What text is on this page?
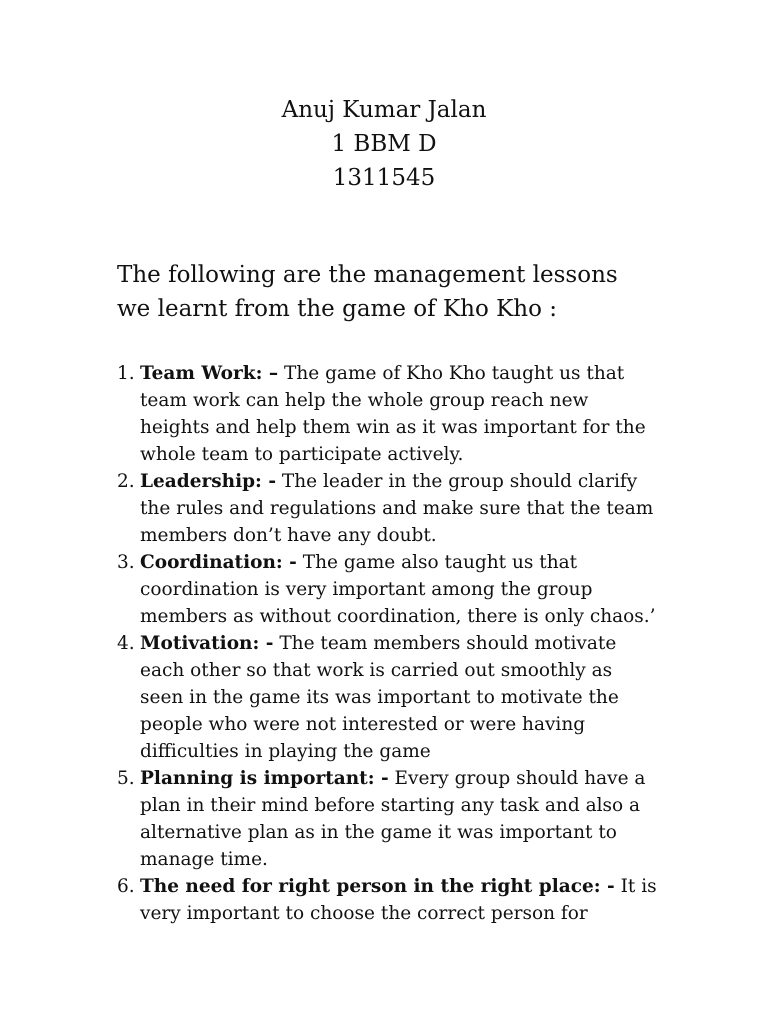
Anuj Kumar Jalan
1 BBM D
1311545
The following are the management lessons
we learnt from the game of Kho Kho :
1. Team Work: – The game of Kho Kho taught us that team work can help the whole group reach new heights and help them win as it was important for the whole team to participate actively.
2. Leadership: - The leader in the group should clarify the rules and regulations and make sure that the team members don’t have any doubt.
3. Coordination: - The game also taught us that coordination is very important among the group members as without coordination, there is only chaos.’
4. Motivation: - The team members should motivate each other so that work is carried out smoothly as seen in the game its was important to motivate the people who were not interested or were having difficulties in playing the game
5. Planning is important: - Every group should have a plan in their mind before starting any task and also a alternative plan as in the game it was important to manage time.
6. The need for right person in the right place: - It is very important to choose the correct person for
